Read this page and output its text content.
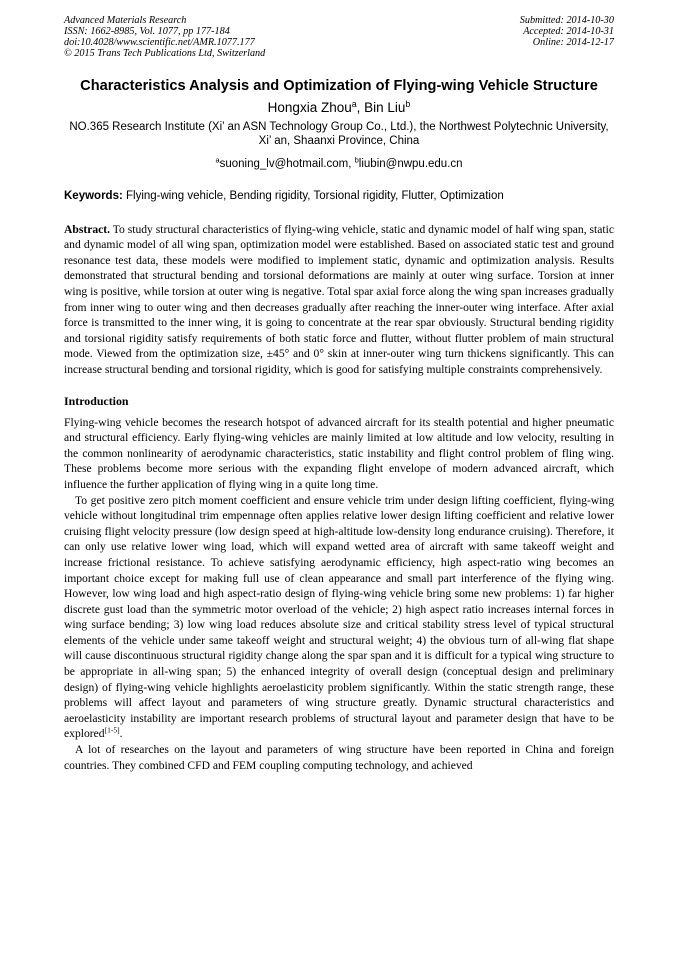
Advanced Materials Research
ISSN: 1662-8985, Vol. 1077, pp 177-184
doi:10.4028/www.scientific.net/AMR.1077.177
© 2015 Trans Tech Publications Ltd, Switzerland
Submitted: 2014-10-30
Accepted: 2014-10-31
Online: 2014-12-17
Characteristics Analysis and Optimization of Flying-wing Vehicle Structure
Hongxia Zhou$^a$, Bin Liu$^b$
NO.365 Research Institute (Xi’ an ASN Technology Group Co., Ltd.), the Northwest Polytechnic University, Xi’ an, Shaanxi Province, China
$^a$suoning_lv@hotmail.com, $^b$liubin@nwpu.edu.cn
Keywords: Flying-wing vehicle, Bending rigidity, Torsional rigidity, Flutter, Optimization
Abstract. To study structural characteristics of flying-wing vehicle, static and dynamic model of half wing span, static and dynamic model of all wing span, optimization model were established. Based on associated static test and ground resonance test data, these models were modified to implement static, dynamic and optimization analysis. Results demonstrated that structural bending and torsional deformations are mainly at outer wing surface. Torsion at inner wing is positive, while torsion at outer wing is negative. Total spar axial force along the wing span increases gradually from inner wing to outer wing and then decreases gradually after reaching the inner-outer wing interface. After axial force is transmitted to the inner wing, it is going to concentrate at the rear spar obviously. Structural bending rigidity and torsional rigidity satisfy requirements of both static force and flutter, without flutter problem of main structural mode. Viewed from the optimization size, ±45° and 0° skin at inner-outer wing turn thickens significantly. This can increase structural bending and torsional rigidity, which is good for satisfying multiple constraints comprehensively.
Introduction

Flying-wing vehicle becomes the research hotspot of advanced aircraft for its stealth potential and higher pneumatic and structural efficiency. Early flying-wing vehicles are mainly limited at low altitude and low velocity, resulting in the common nonlinearity of aerodynamic characteristics, static instability and flight control problem of fling wing. These problems become more serious with the expanding flight envelope of modern advanced aircraft, which influence the further application of flying wing in a quite long time.

To get positive zero pitch moment coefficient and ensure vehicle trim under design lifting coefficient, flying-wing vehicle without longitudinal trim empennage often applies relative lower design lifting coefficient and relative lower cruising flight velocity pressure (low design speed at high-altitude low-density long endurance cruising). Therefore, it can only use relative lower wing load, which will expand wetted area of aircraft with same takeoff weight and increase frictional resistance. To achieve satisfying aerodynamic efficiency, high aspect-ratio wing becomes an important choice except for making full use of clean appearance and small part interference of the flying wing. However, low wing load and high aspect-ratio design of flying-wing vehicle bring some new problems: 1) far higher discrete gust load than the symmetric motor overload of the vehicle; 2) high aspect ratio increases internal forces in wing surface bending; 3) low wing load reduces absolute size and critical stability stress level of typical structural elements of the vehicle under same takeoff weight and structural weight; 4) the obvious turn of all-wing flat shape will cause discontinuous structural rigidity change along the spar span and it is difficult for a typical wing structure to be appropriate in all-wing span; 5) the enhanced integrity of overall design (conceptual design and preliminary design) of flying-wing vehicle highlights aeroelasticity problem significantly. Within the static strength range, these problems will affect layout and parameters of wing structure greatly. Dynamic structural characteristics and aeroelasticity instability are important research problems of structural layout and parameter design that have to be explored[1-5].

A lot of researches on the layout and parameters of wing structure have been reported in China and foreign countries. They combined CFD and FEM coupling computing technology, and achieved
